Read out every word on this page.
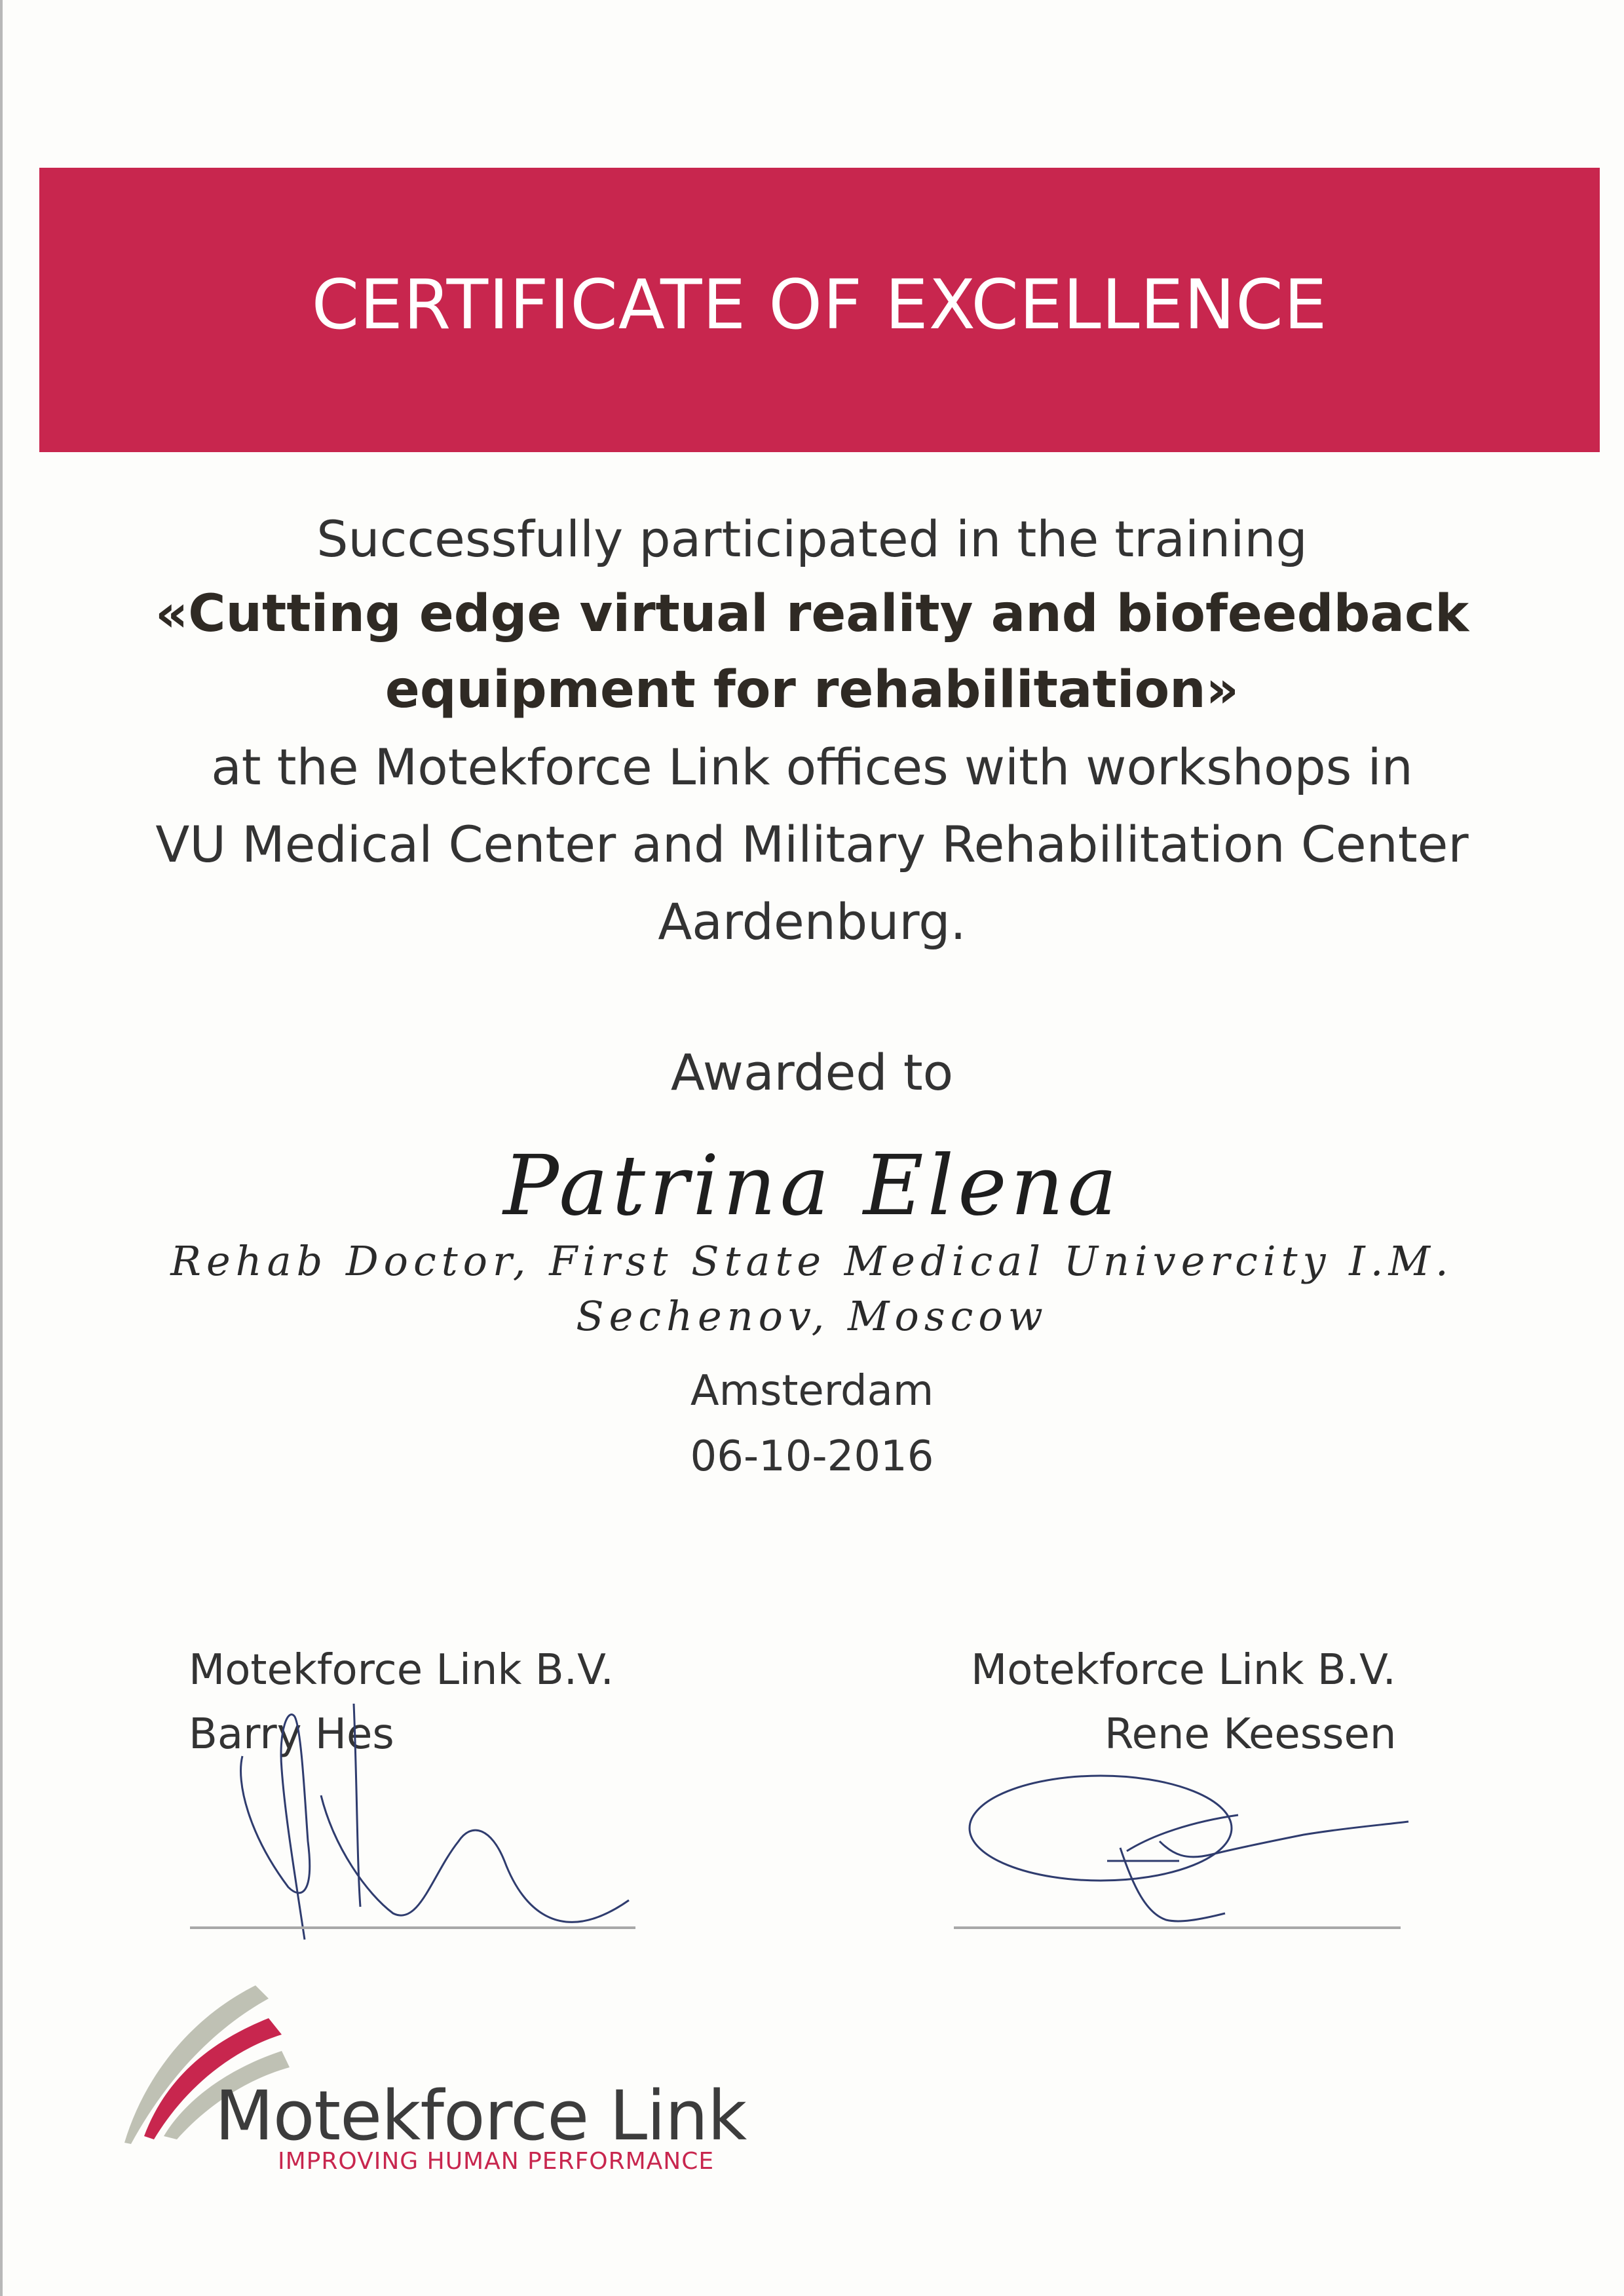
CERTIFICATE OF EXCELLENCE
Successfully participated in the training
«Cutting edge virtual reality and biofeedback
equipment for rehabilitation»
at the Motekforce Link offices with workshops in
VU Medical Center and Military Rehabilitation Center
Aardenburg.
Awarded to
Patrina Elena
Rehab Doctor, First State Medical Univercity I.M.
Sechenov, Moscow
Amsterdam
06-10-2016
Motekforce Link B.V.
Barry Hes
Motekforce Link B.V.
Rene Keessen
Motekforce Link
IMPROVING HUMAN PERFORMANCE
